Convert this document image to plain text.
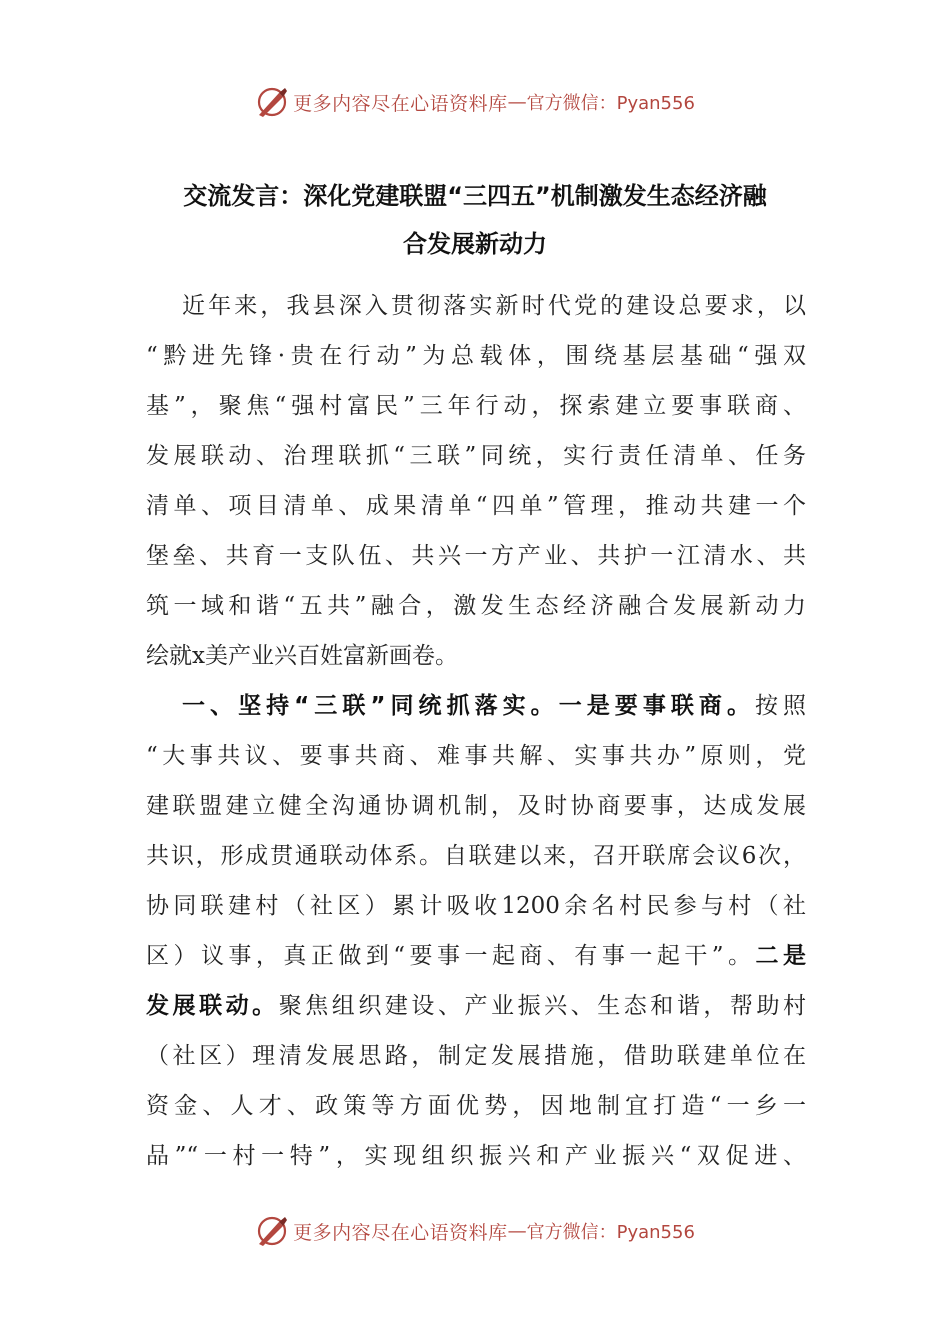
更多内容尽在心语资料库 — 官方微信：Pyan556
交流发言：深化党建联盟“三四五”机制激发生态经济融
合发展新动力
近年来，我县深入贯彻落实新时代党的建设总要求，以
“黔进先锋·贵在行动”为总载体，围绕基层基础“强双
基”，聚焦“强村富民”三年行动，探索建立要事联商、
发展联动、治理联抓“三联”同统，实行责任清单、任务
清单、项目清单、成果清单“四单”管理，推动共建一个
堡垒、共育一支队伍、共兴一方产业、共护一江清水、共
筑一域和谐“五共”融合，激发生态经济融合发展新动力
绘就x美产业兴百姓富新画卷。
一、坚持“三联”同统抓落实。一是要事联商。按照
“大事共议、要事共商、难事共解、实事共办”原则，党
建联盟建立健全沟通协调机制，及时协商要事，达成发展
共识，形成贯通联动体系。自联建以来，召开联席会议6次，
协同联建村（社区）累计吸收1200余名村民参与村（社
区）议事，真正做到“要事一起商、有事一起干”。二是
发展联动。聚焦组织建设、产业振兴、生态和谐，帮助村
（社区）理清发展思路，制定发展措施，借助联建单位在
资金、人才、政策等方面优势，因地制宜打造“一乡一
品”“一村一特”，实现组织振兴和产业振兴“双促进、
更多内容尽在心语资料库 — 官方微信：Pyan556
